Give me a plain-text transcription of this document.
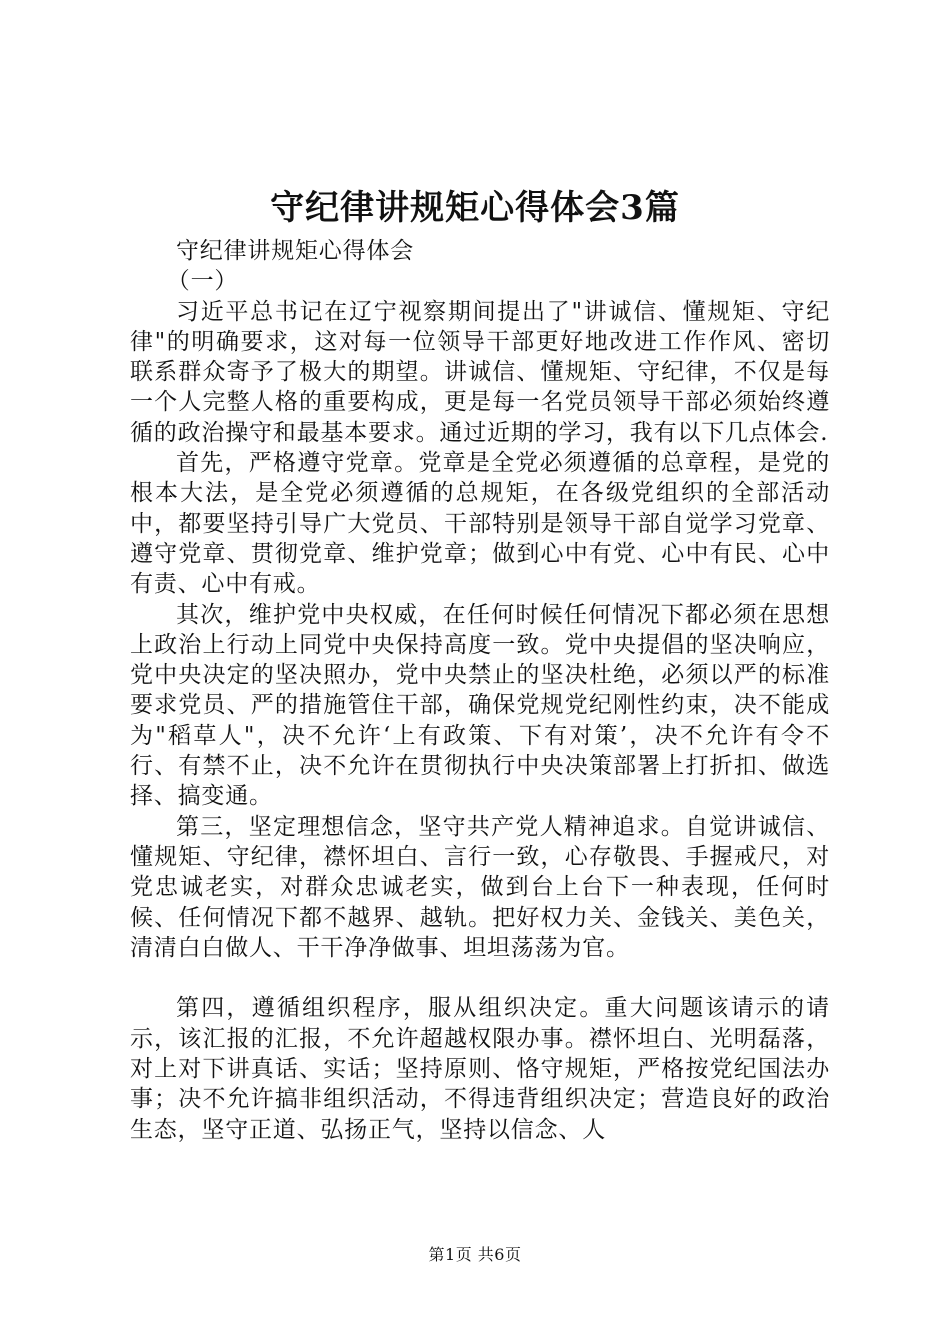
守纪律讲规矩心得体会3篇

守纪律讲规矩心得体会

（一）

习近平总书记在辽宁视察期间提出了"讲诚信、懂规矩、守纪律"的明确要求，这对每一位领导干部更好地改进工作作风、密切联系群众寄予了极大的期望。讲诚信、懂规矩、守纪律，不仅是每一个人完整人格的重要构成，更是每一名党员领导干部必须始终遵循的政治操守和最基本要求。通过近期的学习，我有以下几点体会.

首先，严格遵守党章。党章是全党必须遵循的总章程，是党的根本大法，是全党必须遵循的总规矩，在各级党组织的全部活动中，都要坚持引导广大党员、干部特别是领导干部自觉学习党章、遵守党章、贯彻党章、维护党章；做到心中有党、心中有民、心中有责、心中有戒。

其次，维护党中央权威，在任何时候任何情况下都必须在思想上政治上行动上同党中央保持高度一致。党中央提倡的坚决响应，党中央决定的坚决照办，党中央禁止的坚决杜绝，必须以严的标准要求党员、严的措施管住干部，确保党规党纪刚性约束，决不能成为"稻草人"，决不允许‘上有政策、下有对策’，决不允许有令不行、有禁不止，决不允许在贯彻执行中央决策部署上打折扣、做选择、搞变通。

第三，坚定理想信念，坚守共产党人精神追求。自觉讲诚信、懂规矩、守纪律，襟怀坦白、言行一致，心存敬畏、手握戒尺，对党忠诚老实，对群众忠诚老实，做到台上台下一种表现，任何时候、任何情况下都不越界、越轨。把好权力关、金钱关、美色关，清清白白做人、干干净净做事、坦坦荡荡为官。

第四，遵循组织程序，服从组织决定。重大问题该请示的请示，该汇报的汇报，不允许超越权限办事。襟怀坦白、光明磊落，对上对下讲真话、实话；坚持原则、恪守规矩，严格按党纪国法办事；决不允许搞非组织活动，不得违背组织决定；营造良好的政治生态，坚守正道、弘扬正气，坚持以信念、人

第1页 共6页
